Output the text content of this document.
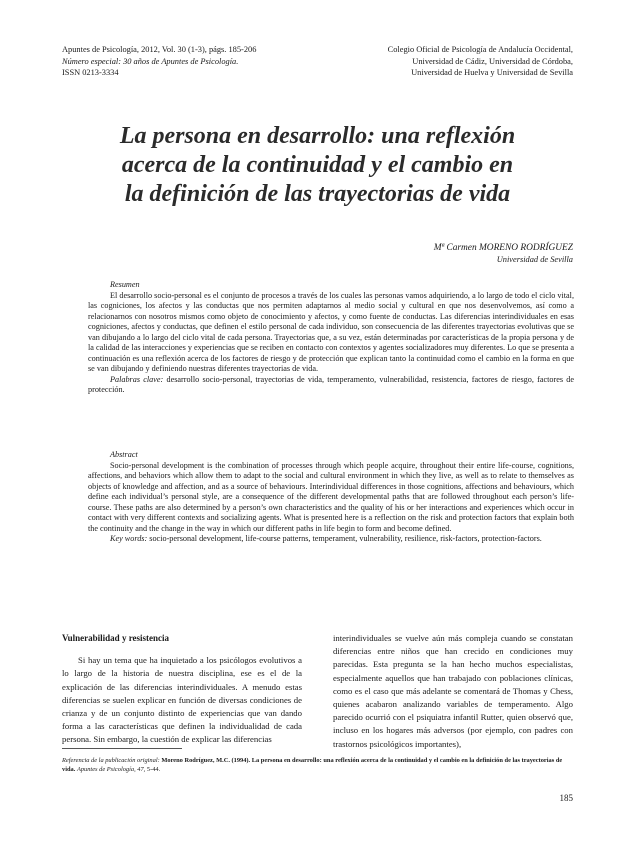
Apuntes de Psicología, 2012, Vol. 30 (1-3), págs. 185-206
Número especial: 30 años de Apuntes de Psicología.
ISSN 0213-3334
Colegio Oficial de Psicología de Andalucía Occidental,
Universidad de Cádiz, Universidad de Córdoba,
Universidad de Huelva y Universidad de Sevilla
La persona en desarrollo: una reflexión
acerca de la continuidad y el cambio en
la definición de las trayectorias de vida
Mª Carmen MORENO RODRÍGUEZ
Universidad de Sevilla
Resumen
El desarrollo socio-personal es el conjunto de procesos a través de los cuales las personas vamos adquiriendo, a lo largo de todo el ciclo vital, las cogniciones, los afectos y las conductas que nos permiten adaptarnos al medio social y cultural en que nos desenvolvemos, así como a relacionarnos con nosotros mismos como objeto de conocimiento y afectos, y como fuente de conductas. Las diferencias interindividuales en esas cogniciones, afectos y conductas, que definen el estilo personal de cada individuo, son consecuencia de las diferentes trayectorias evolutivas que se van dibujando a lo largo del ciclo vital de cada persona. Trayectorias que, a su vez, están determinadas por características de la propia persona y de la calidad de las interacciones y experiencias que se reciben en contacto con contextos y agentes socializadores muy diferentes. Lo que se presenta a continuación es una reflexión acerca de los factores de riesgo y de protección que explican tanto la continuidad como el cambio en la forma en que se van dibujando y definiendo nuestras diferentes trayectorias de vida.
Palabras clave: desarrollo socio-personal, trayectorias de vida, temperamento, vulnerabilidad, resistencia, factores de riesgo, factores de protección.
Abstract
Socio-personal development is the combination of processes through which people acquire, throughout their entire life-course, cognitions, affections, and behaviors which allow them to adapt to the social and cultural environment in which they live, as well as to relate to themselves as objects of knowledge and affection, and as a source of behaviours. Interindividual differences in those cognitions, affections and behaviours, which define each individual’s personal style, are a consequence of the different developmental paths that are followed throughout each person’s life-course. These paths are also determined by a person’s own characteristics and the quality of his or her interactions and experiences which occur in contact with very different contexts and socializing agents. What is presented here is a reflection on the risk and protection factors that explain both the continuity and the change in the way in which our different paths in life begin to form and become defined.
Key words: socio-personal development, life-course patterns, temperament, vulnerability, resilience, risk-factors, protection-factors.
Vulnerabilidad y resistencia
Si hay un tema que ha inquietado a los psicólogos evolutivos a lo largo de la historia de nuestra disciplina, ese es el de la explicación de las diferencias interindividuales. A menudo estas diferencias se suelen explicar en función de diversas condiciones de crianza y de un conjunto distinto de experiencias que van dando forma a las características que definen la individualidad de cada persona. Sin embargo, la cuestión de explicar las diferencias
interindividuales se vuelve aún más compleja cuando se constatan diferencias entre niños que han crecido en condiciones muy parecidas. Esta pregunta se la han hecho muchos especialistas, especialmente aquellos que han trabajado con poblaciones clínicas, como es el caso que más adelante se comentará de Thomas y Chess, quienes acabaron analizando variables de temperamento. Algo parecido ocurrió con el psiquiatra infantil Rutter, quien observó que, incluso en los hogares más adversos (por ejemplo, con padres con trastornos psicológicos importantes),
Referencia de la publicación original: Moreno Rodríguez, M.C. (1994). La persona en desarrollo: una reflexión acerca de la continuidad y el cambio en la definición de las trayectorias de vida. Apuntes de Psicología, 47, 5-44.
185
